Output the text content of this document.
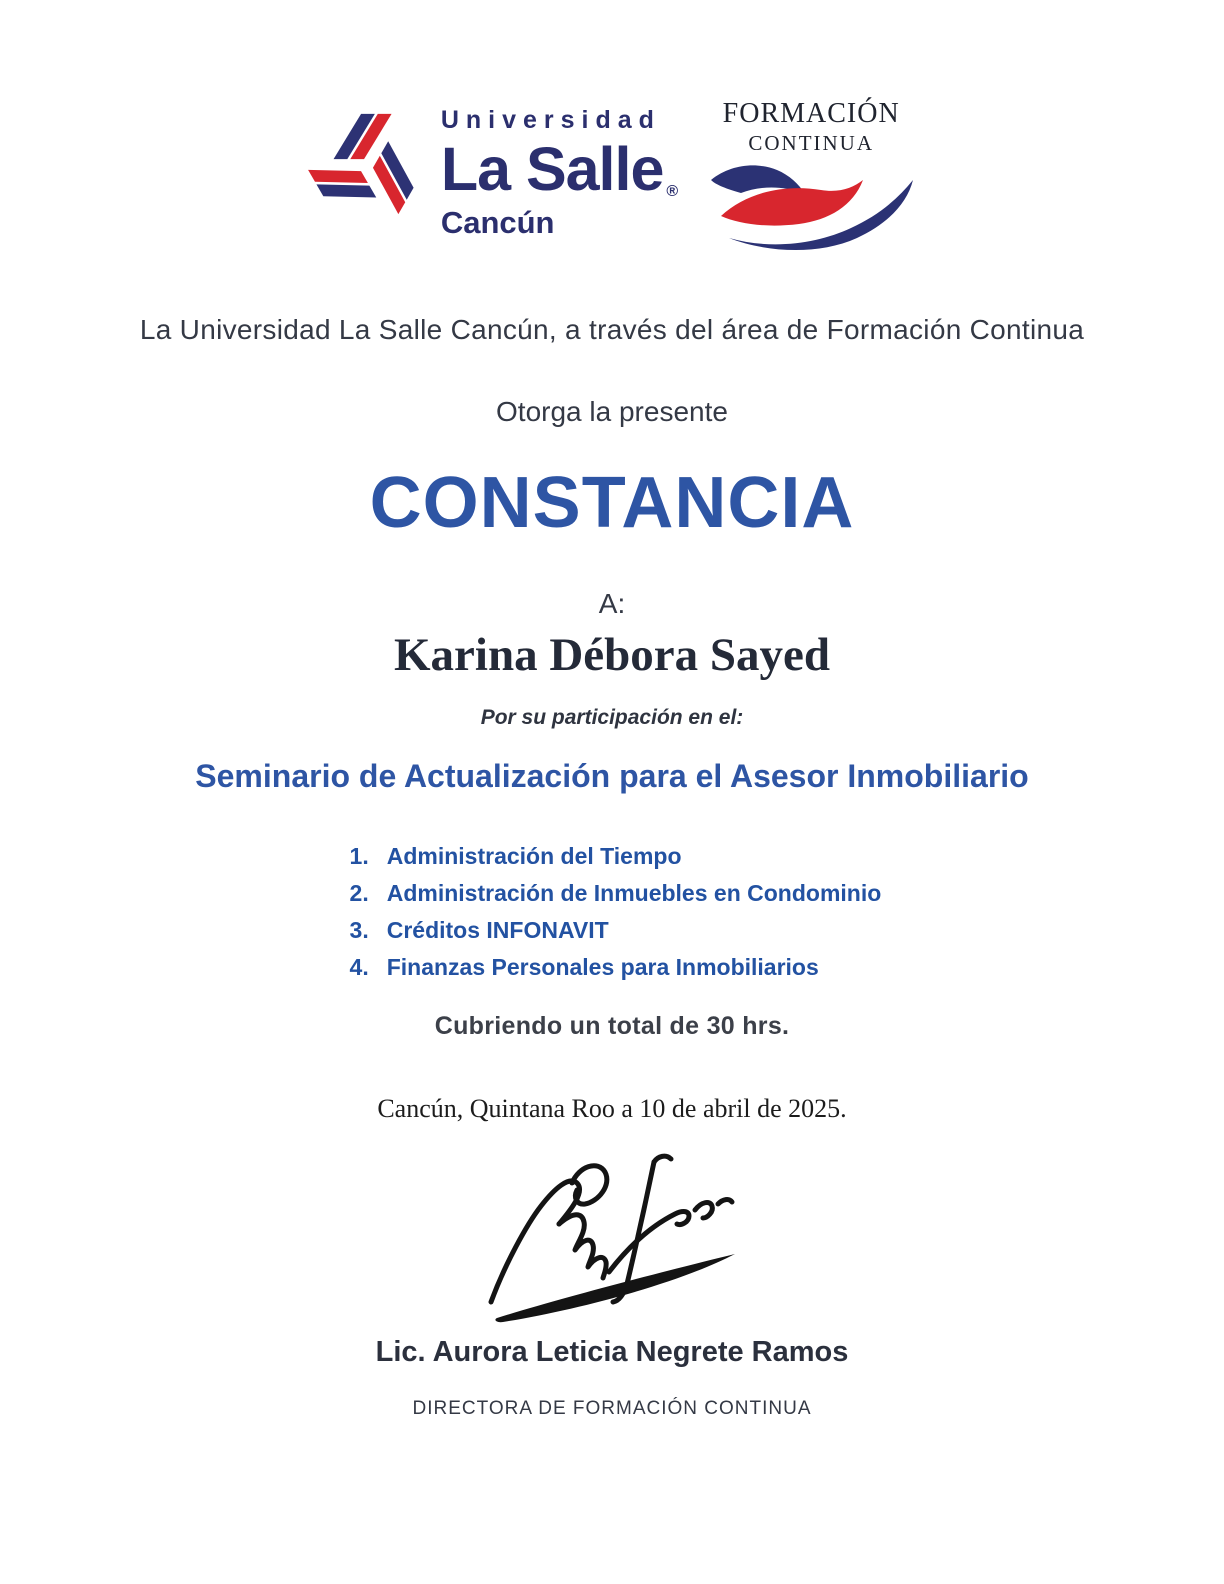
Universidad
La Salle ®
Cancún
FORMACIÓN
CONTINUA
La Universidad La Salle Cancún, a través del área de Formación Continua
Otorga la presente
CONSTANCIA
A:
Karina Débora Sayed
Por su participación en el:
Seminario de Actualización para el Asesor Inmobiliario
1. Administración del Tiempo
2. Administración de Inmuebles en Condominio
3. Créditos INFONAVIT
4. Finanzas Personales para Inmobiliarios
Cubriendo un total de 30 hrs.
Cancún, Quintana Roo a 10 de abril de 2025.
Lic. Aurora Leticia Negrete Ramos
DIRECTORA DE FORMACIÓN CONTINUA
